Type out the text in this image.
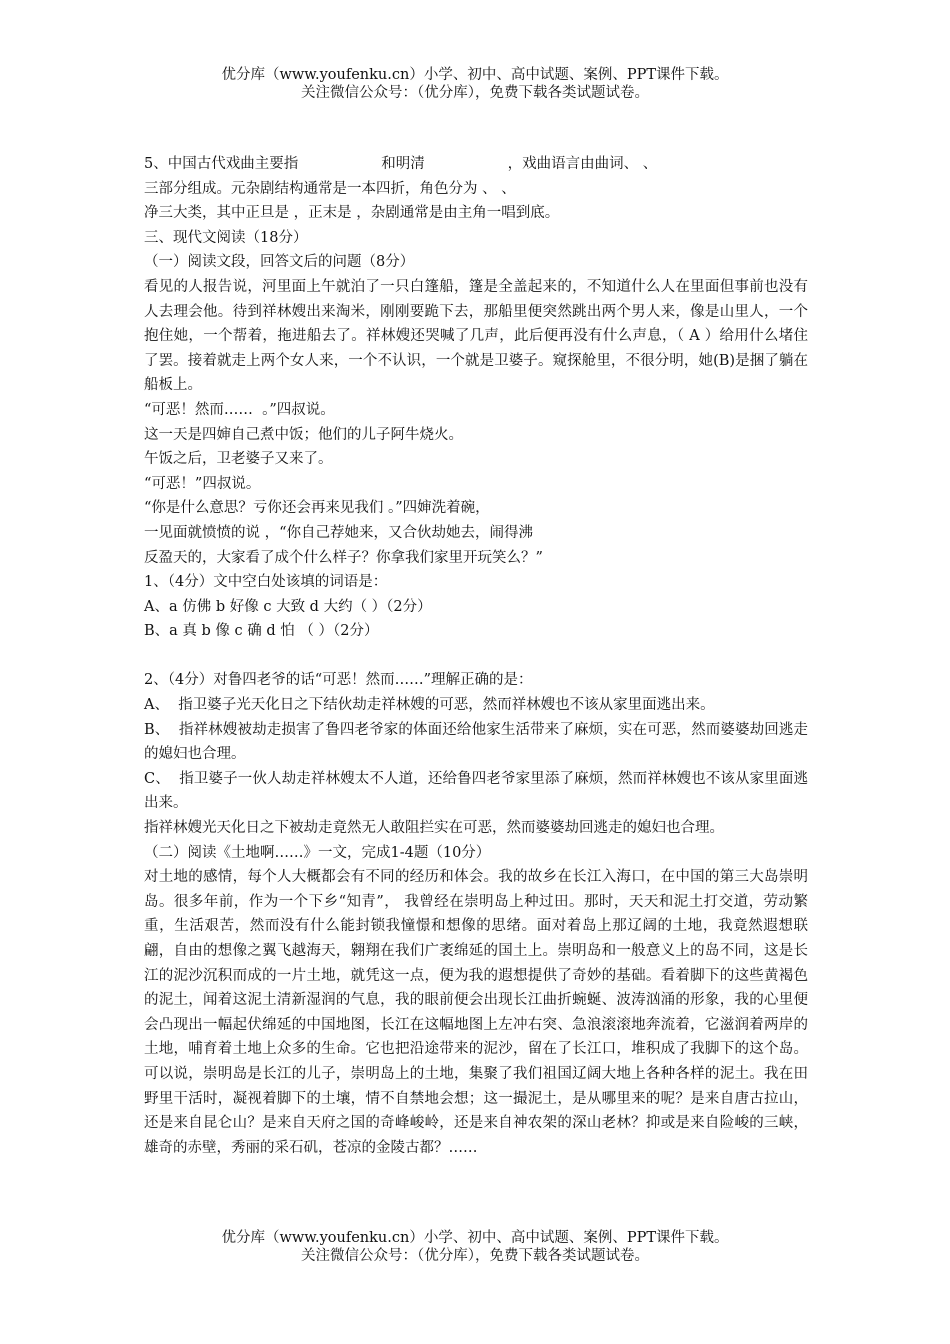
优分库（www.youfenku.cn）小学、初中、高中试题、案例、PPT课件下载。
关注微信公众号：（优分库），免费下载各类试题试卷。

5、中国古代戏曲主要指                  和明清                  ，戏曲语言由曲词、 、

三部分组成。元杂剧结构通常是一本四折，角色分为 、 、

净三大类，其中正旦是 ，正末是 ，杂剧通常是由主角一唱到底。

三、现代文阅读（18分）

（一）阅读文段，回答文后的问题（8分）

看见的人报告说，河里面上午就泊了一只白篷船，篷是全盖起来的，不知道什么人在里面但事前也没有人去理会他。待到祥林嫂出来淘米，刚刚要跪下去，那船里便突然跳出两个男人来，像是山里人，一个抱住她，一个帮着，拖进船去了。祥林嫂还哭喊了几声，此后便再没有什么声息，（ A ）给用什么堵住了罢。接着就走上两个女人来，一个不认识，一个就是卫婆子。窥探舱里，不很分明，她(B)是捆了躺在船板上。

“可恶！然而……  。”四叔说。

这一天是四婶自己煮中饭；他们的儿子阿牛烧火。

午饭之后，卫老婆子又来了。

“可恶！”四叔说。

“你是什么意思？亏你还会再来见我们 。”四婶洗着碗，

一见面就愤愤的说 ，“你自己荐她来，又合伙劫她去，闹得沸

反盈天的，大家看了成个什么样子？你拿我们家里开玩笑么？”

1、（4分）文中空白处该填的词语是：

A、a 仿佛 b 好像 c 大致 d 大约（ ）（2分）

B、a 真 b 像 c 确 d 怕 （ ）（2分）

2、（4分）对鲁四老爷的话“可恶！然而……”理解正确的是：

A、  指卫婆子光天化日之下结伙劫走祥林嫂的可恶，然而祥林嫂也不该从家里面逃出来。

B、  指祥林嫂被劫走损害了鲁四老爷家的体面还给他家生活带来了麻烦，实在可恶，然而婆婆劫回逃走的媳妇也合理。

C、  指卫婆子一伙人劫走祥林嫂太不人道，还给鲁四老爷家里添了麻烦，然而祥林嫂也不该从家里面逃出来。

指祥林嫂光天化日之下被劫走竟然无人敢阻拦实在可恶，然而婆婆劫回逃走的媳妇也合理。

（二）阅读《土地啊……》一文，完成1-4题（10分）

对土地的感情，每个人大概都会有不同的经历和体会。我的故乡在长江入海口，在中国的第三大岛崇明岛。很多年前，作为一个下乡“知青”， 我曾经在崇明岛上种过田。那时，天天和泥土打交道，劳动繁重，生活艰苦，然而没有什么能封锁我憧憬和想像的思绪。面对着岛上那辽阔的土地，我竟然遐想联翩，自由的想像之翼飞越海天，翱翔在我们广袤绵延的国土上。崇明岛和一般意义上的岛不同，这是长江的泥沙沉积而成的一片土地，就凭这一点，便为我的遐想提供了奇妙的基础。看着脚下的这些黄褐色的泥土，闻着这泥土清新湿润的气息，我的眼前便会出现长江曲折蜿蜒、波涛汹涌的形象，我的心里便会凸现出一幅起伏绵延的中国地图，长江在这幅地图上左冲右突、急浪滚滚地奔流着，它滋润着两岸的土地，哺育着土地上众多的生命。它也把沿途带来的泥沙，留在了长江口，堆积成了我脚下的这个岛。可以说，崇明岛是长江的儿子，崇明岛上的土地，集聚了我们祖国辽阔大地上各种各样的泥土。我在田野里干活时，凝视着脚下的土壤，情不自禁地会想；这一撮泥土，是从哪里来的呢？是来自唐古拉山，还是来自昆仑山？是来自天府之国的奇峰峻岭，还是来自神农架的深山老林？抑或是来自险峻的三峡，雄奇的赤壁，秀丽的采石矶，苍凉的金陵古都？……

优分库（www.youfenku.cn）小学、初中、高中试题、案例、PPT课件下载。
关注微信公众号：（优分库），免费下载各类试题试卷。
